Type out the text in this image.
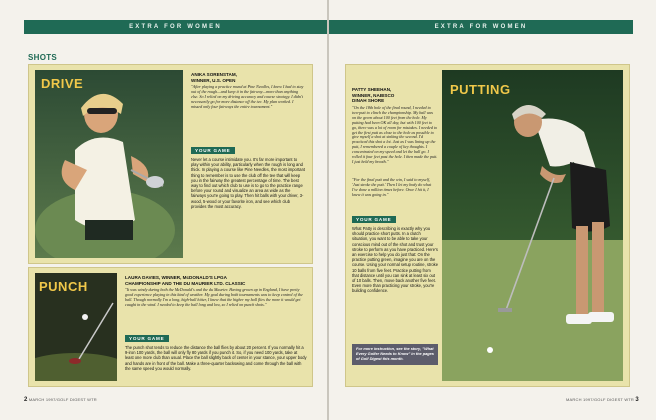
EXTRA FOR WOMEN	EXTRA FOR WOMEN
SHOTS
DRIVE
ANIKA SORENSTAM,
WINNER, U.S. OPEN
"After playing a practice round at Pine Needles, I knew I had to stay out of the rough—and keep it in the fairway—more than anything else. So I relied on my driving accuracy and course strategy. I didn't necessarily go for more distance off the tee. My plan worked. I missed only four fairways the entire tournament."
YOUR GAME
Never let a course intimidate you. It's far more important to play within your ability, particularly when the rough is long and thick. In playing a course like Pine Needles, the most important thing to remember is to use the club off the tee that will keep you in the fairway the greatest percentage of time. The best way to find out which club to use is to go to the practice range before your round and visualize an area as wide as the fairways you're going to play. Then hit balls with your driver, 3-wood, 5-wood or your favorite iron, and see which club provides the most accuracy.
PUNCH
LAURA DAVIES, WINNER, McDONALD'S LPGA
CHAMPIONSHIP AND THE DU MAURIER LTD. CLASSIC
"It was windy during both the McDonald's and the du Maurier. Having grown up in England, I have pretty good experience playing in this kind of weather. My goal during both tournaments was to keep control of the ball. Though normally I'm a long, high-ball hitter, I knew that the higher my ball flies the more it would get caught in the wind. I needed to keep the ball long and low, so I relied on punch shots."
YOUR GAME
The punch shot tends to reduce the distance the ball flies by about 20 percent. If you normally hit a 9-iron 100 yards, the ball will only fly 80 yards if you punch it. So, if you need 100 yards, take at least one more club than usual. Place the ball slightly back of center in your stance, your upper body and hands are in front of the ball. Make a three-quarter backswing and come through the ball with the same speed you would normally.
PATTY SHEEHAN,
WINNER, NABISCO
DINAH SHORE
"On the 18th hole of the final round, I needed to two-putt to clinch the championship. My ball was on the green about 100 feet from the hole. My putting had been OK all day, but with 100 feet to go, there was a lot of room for mistakes. I needed to get the first putt as close to the hole as possible to give myself a shot at sinking the second. I'd practiced this shot a lot. Just as I was lining up the putt, I remembered a couple of key thoughts. I concentrated on my speed and let the ball go. I rolled it four feet past the hole. I then made the putt. I just held my breath."
"For the final putt and the win, I said to myself, 'Just stroke the putt.' Then I let my body do what I've done a million times before. Once I hit it, I knew it was going in."
YOUR GAME
What Patty is describing is exactly why you should practice short putts. In a clutch situation, you want to be able to take your conscious mind out of the shot and trust your stroke to perform as you have practiced. Here's an exercise to help you do just that: On the practice putting green, imagine you are on the course. Using your normal setup routine, stroke 10 balls from five feet. Practice putting from that distance until you can sink at least six out of 10 balls. Then, move back another five feet. Even more than practicing your stroke, you're building confidence.
For more instruction, see the story, "What Every Golfer Needs to Know" in the pages of Golf Digest this month.
PUTTING
2 MARCH 1997/GOLF DIGEST WTR	MARCH 1997/GOLF DIGEST WTR 3
